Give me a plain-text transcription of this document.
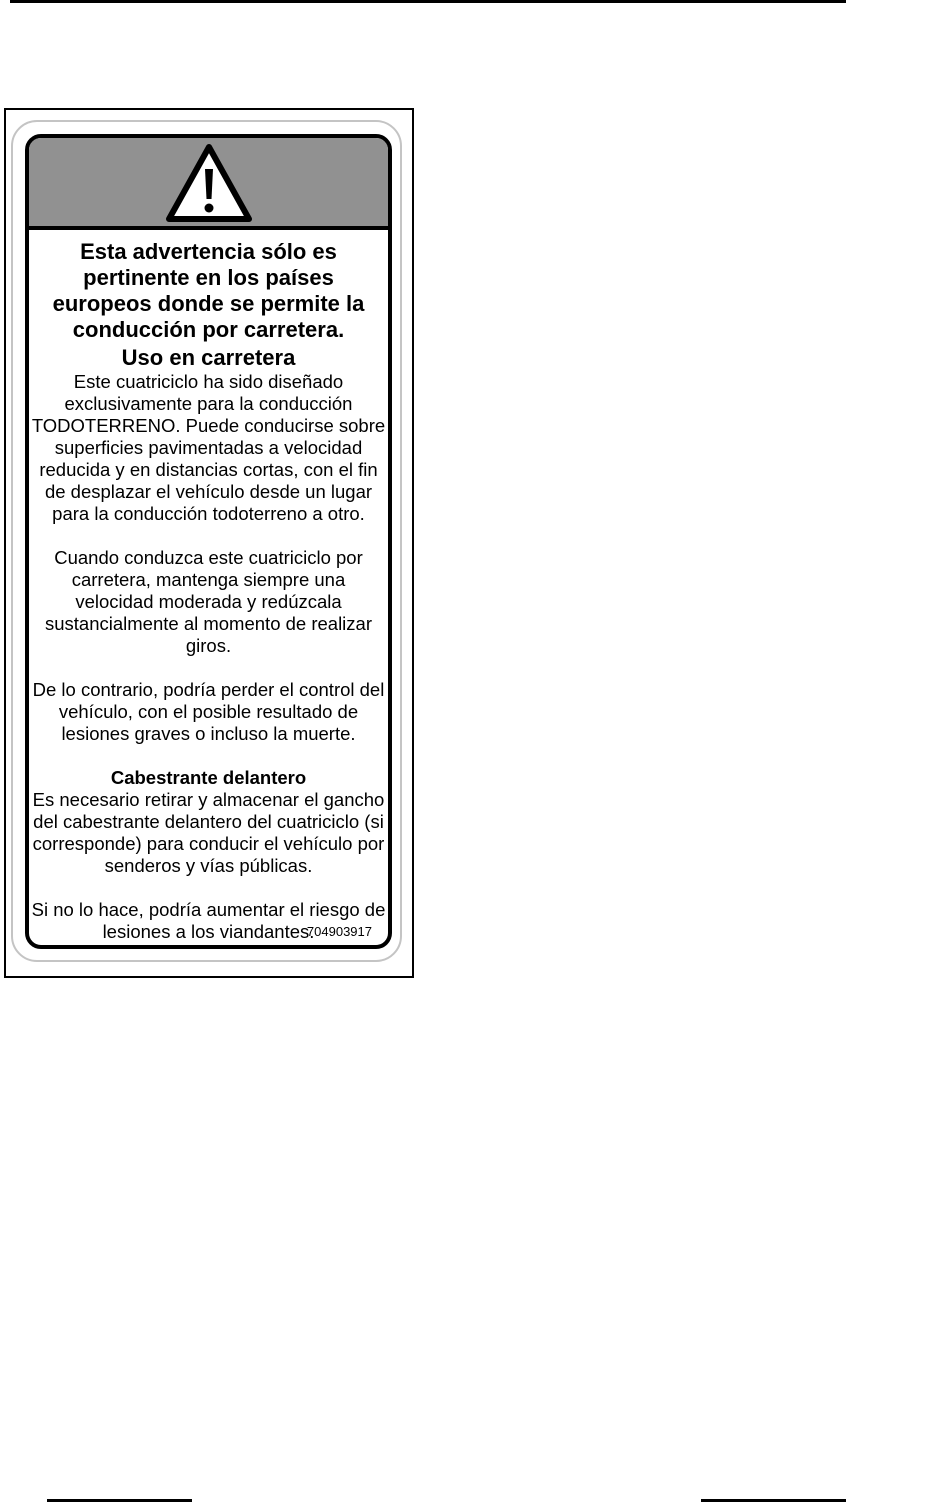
Esta advertencia sólo es pertinente en los países europeos donde se permite la conducción por carretera.

Uso en carretera

Este cuatriciclo ha sido diseñado exclusivamente para la conducción TODOTERRENO. Puede conducirse sobre superficies pavimentadas a velocidad reducida y en distancias cortas, con el fin de desplazar el vehículo desde un lugar para la conducción todoterreno a otro.

Cuando conduzca este cuatriciclo por carretera, mantenga siempre una velocidad moderada y redúzcala sustancialmente al momento de realizar giros.

De lo contrario, podría perder el control del vehículo, con el posible resultado de lesiones graves o incluso la muerte.

Cabestrante delantero

Es necesario retirar y almacenar el gancho del cabestrante delantero del cuatriciclo (si corresponde) para conducir el vehículo por senderos y vías públicas.

Si no lo hace, podría aumentar el riesgo de lesiones a los viandantes.

704903917
